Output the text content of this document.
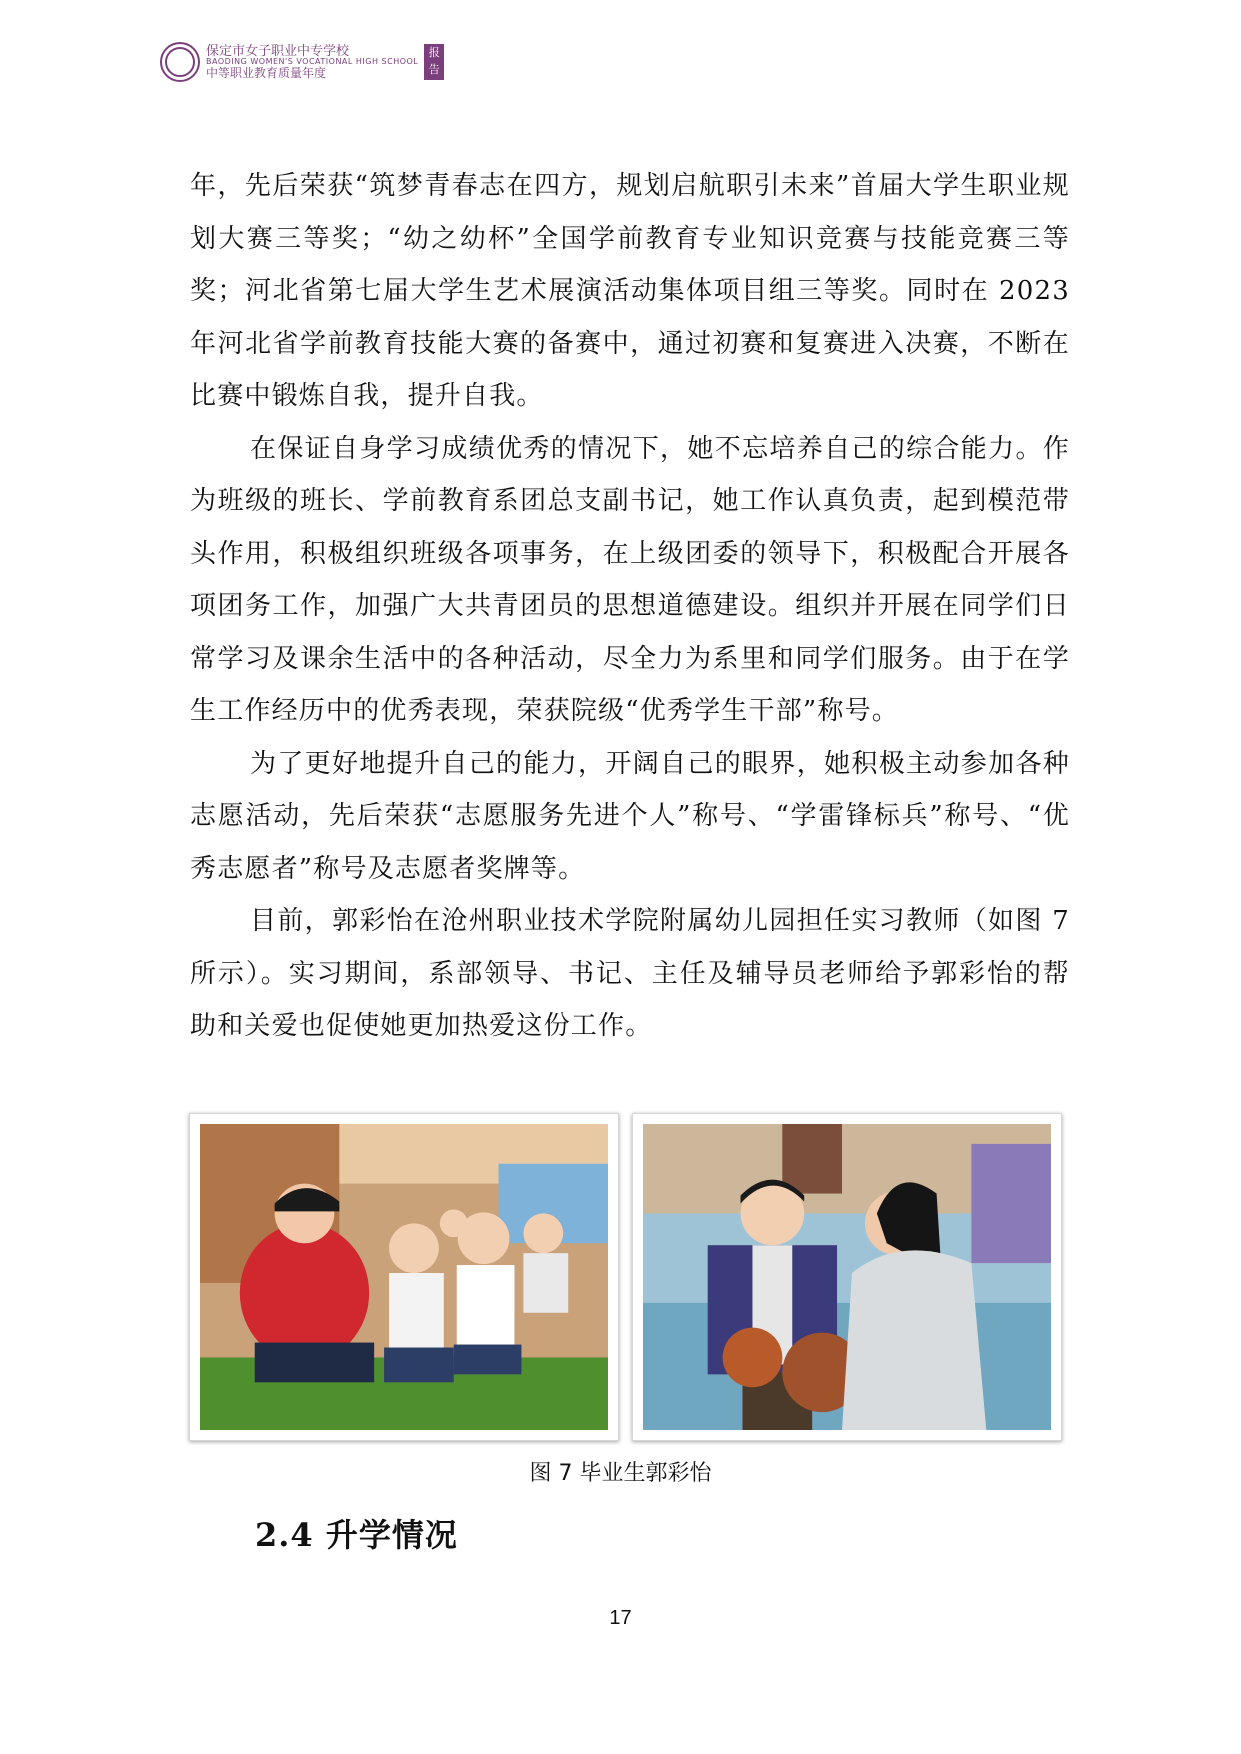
保定市女子职业中专学校
BAODING WOMEN'S VOCATIONAL HIGH SCHOOL
中等职业教育质量年度
报告

年，先后荣获“筑梦青春志在四方，规划启航职引未来”首届大学生职业规划大赛三等奖；“幼之幼杯”全国学前教育专业知识竞赛与技能竞赛三等奖；河北省第七届大学生艺术展演活动集体项目组三等奖。同时在 2023 年河北省学前教育技能大赛的备赛中，通过初赛和复赛进入决赛，不断在比赛中锻炼自我，提升自我。

在保证自身学习成绩优秀的情况下，她不忘培养自己的综合能力。作为班级的班长、学前教育系团总支副书记，她工作认真负责，起到模范带头作用，积极组织班级各项事务，在上级团委的领导下，积极配合开展各项团务工作，加强广大共青团员的思想道德建设。组织并开展在同学们日常学习及课余生活中的各种活动，尽全力为系里和同学们服务。由于在学生工作经历中的优秀表现，荣获院级“优秀学生干部”称号。

为了更好地提升自己的能力，开阔自己的眼界，她积极主动参加各种志愿活动，先后荣获“志愿服务先进个人”称号、“学雷锋标兵”称号、“优秀志愿者”称号及志愿者奖牌等。

目前，郭彩怡在沧州职业技术学院附属幼儿园担任实习教师（如图 7 所示）。实习期间，系部领导、书记、主任及辅导员老师给予郭彩怡的帮助和关爱也促使她更加热爱这份工作。

图 7 毕业生郭彩怡
2.4 升学情况
17
